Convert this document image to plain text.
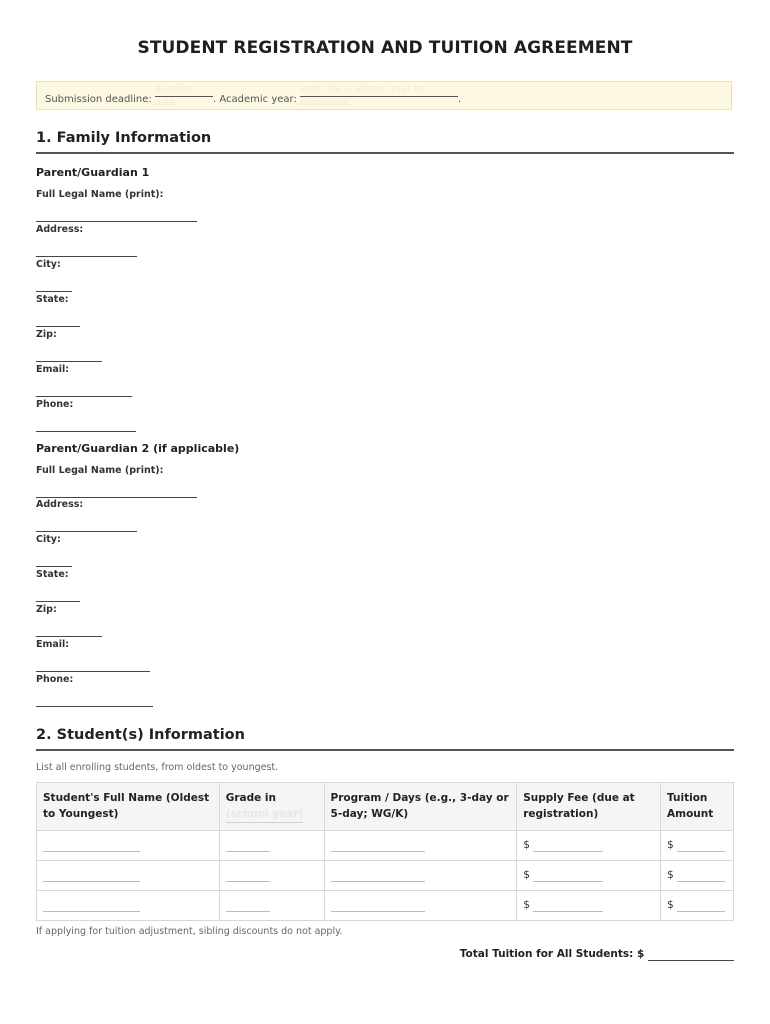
STUDENT REGISTRATION AND TUITION AGREEMENT
Submission deadline: deadline date	. Academic year: enter the academic year for enrollment	.
1. Family Information
Parent/Guardian 1
Full Legal Name (print):
Address:
City:
State:
Zip:
Email:
Phone:
Parent/Guardian 2 (if applicable)
Full Legal Name (print):
Address:
City:
State:
Zip:
Email:
Phone:
2. Student(s) Information
List all enrolling students, from oldest to youngest.
Student's Full Name (Oldest to Youngest)	Grade in
(school year)	Program / Days (e.g., 3-day or 5-day; WG/K)	Supply Fee (due at registration)	Tuition Amount
			$	$
			$	$
			$	$
If applying for tuition adjustment, sibling discounts do not apply.
Total Tuition for All Students: $
